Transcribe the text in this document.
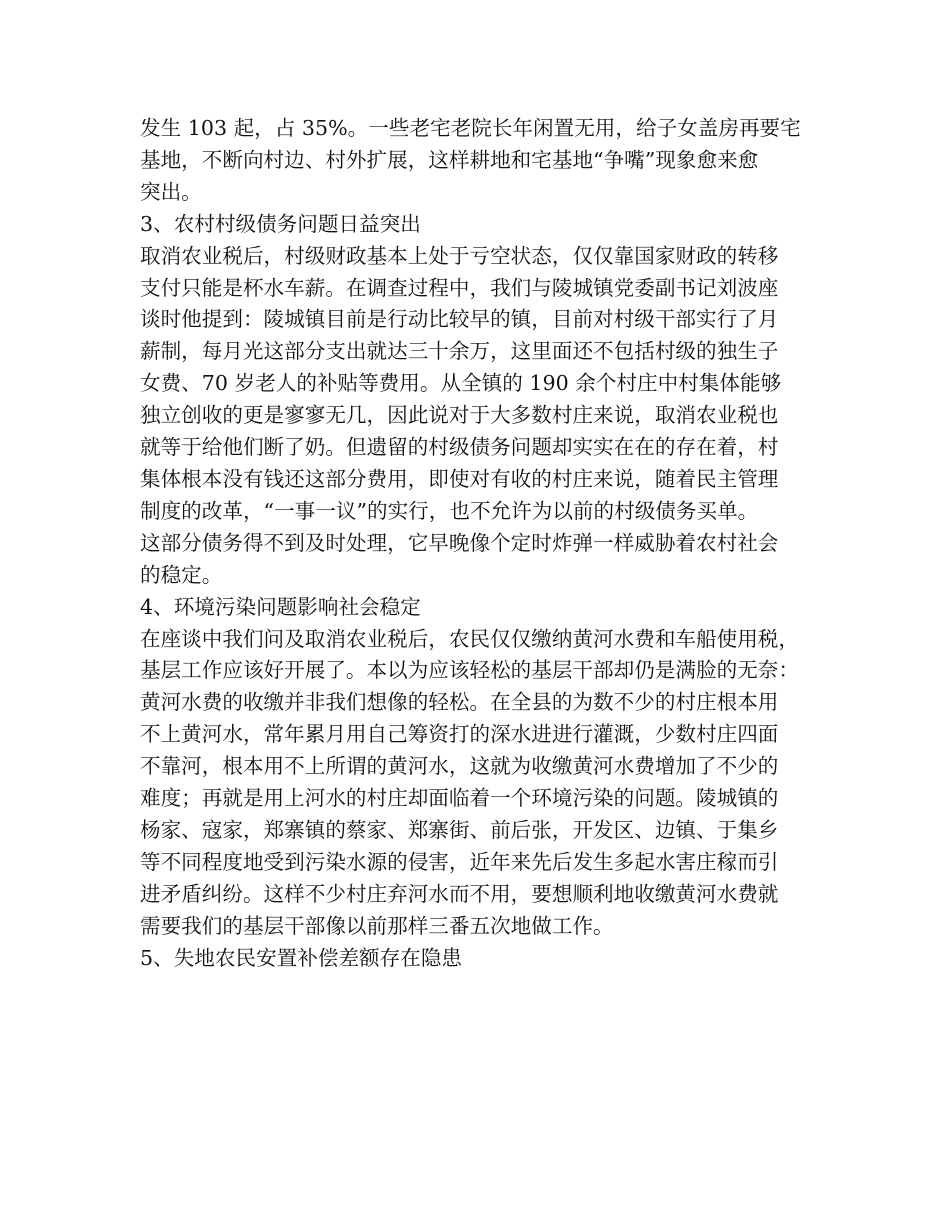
发生 103 起，占 35%。一些老宅老院长年闲置无用，给子女盖房再要宅
基地，不断向村边、村外扩展，这样耕地和宅基地“争嘴”现象愈来愈
突出。

3、农村村级债务问题日益突出

取消农业税后，村级财政基本上处于亏空状态，仅仅靠国家财政的转移
支付只能是杯水车薪。在调查过程中，我们与陵城镇党委副书记刘波座
谈时他提到：陵城镇目前是行动比较早的镇，目前对村级干部实行了月
薪制，每月光这部分支出就达三十余万，这里面还不包括村级的独生子
女费、70 岁老人的补贴等费用。从全镇的 190 余个村庄中村集体能够
独立创收的更是寥寥无几，因此说对于大多数村庄来说，取消农业税也
就等于给他们断了奶。但遗留的村级债务问题却实实在在的存在着，村
集体根本没有钱还这部分费用，即使对有收的村庄来说，随着民主管理
制度的改革，“一事一议”的实行，也不允许为以前的村级债务买单。
这部分债务得不到及时处理，它早晚像个定时炸弹一样威胁着农村社会
的稳定。

4、环境污染问题影响社会稳定

在座谈中我们问及取消农业税后，农民仅仅缴纳黄河水费和车船使用税，
基层工作应该好开展了。本以为应该轻松的基层干部却仍是满脸的无奈：
黄河水费的收缴并非我们想像的轻松。在全县的为数不少的村庄根本用
不上黄河水，常年累月用自己筹资打的深水进进行灌溉，少数村庄四面
不靠河，根本用不上所谓的黄河水，这就为收缴黄河水费增加了不少的
难度；再就是用上河水的村庄却面临着一个环境污染的问题。陵城镇的
杨家、寇家，郑寨镇的蔡家、郑寨街、前后张，开发区、边镇、于集乡
等不同程度地受到污染水源的侵害，近年来先后发生多起水害庄稼而引
进矛盾纠纷。这样不少村庄弃河水而不用，要想顺利地收缴黄河水费就
需要我们的基层干部像以前那样三番五次地做工作。

5、失地农民安置补偿差额存在隐患
